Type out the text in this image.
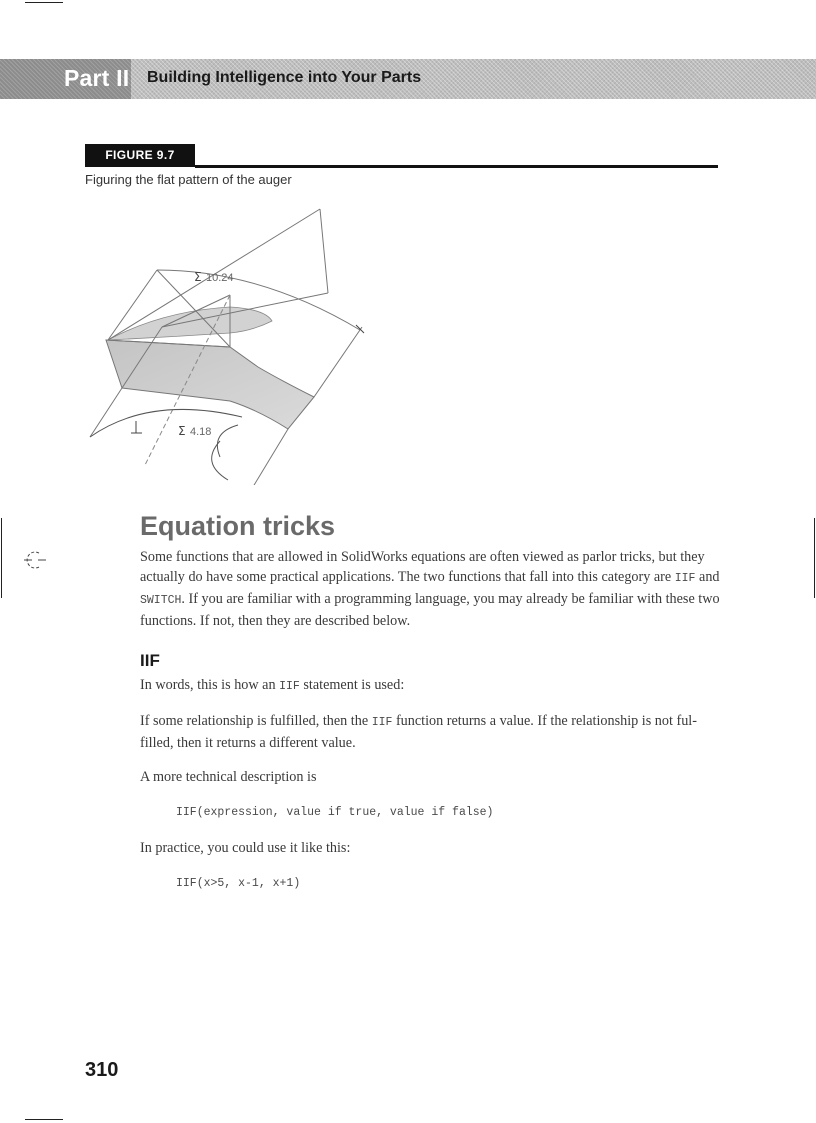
Part II Building Intelligence into Your Parts
FIGURE 9.7
Figuring the flat pattern of the auger
Σ 10.24
Σ 4.18
Equation tricks
Some functions that are allowed in SolidWorks equations are often viewed as parlor tricks, but they actually do have some practical applications. The two functions that fall into this category are IIF and SWITCH. If you are familiar with a programming language, you may already be familiar with these two functions. If not, then they are described below.
IIF
In words, this is how an IIF statement is used:
If some relationship is fulfilled, then the IIF function returns a value. If the relationship is not ful-filled, then it returns a different value.
A more technical description is
IIF(expression, value if true, value if false)
In practice, you could use it like this:
IIF(x>5, x-1, x+1)
310
